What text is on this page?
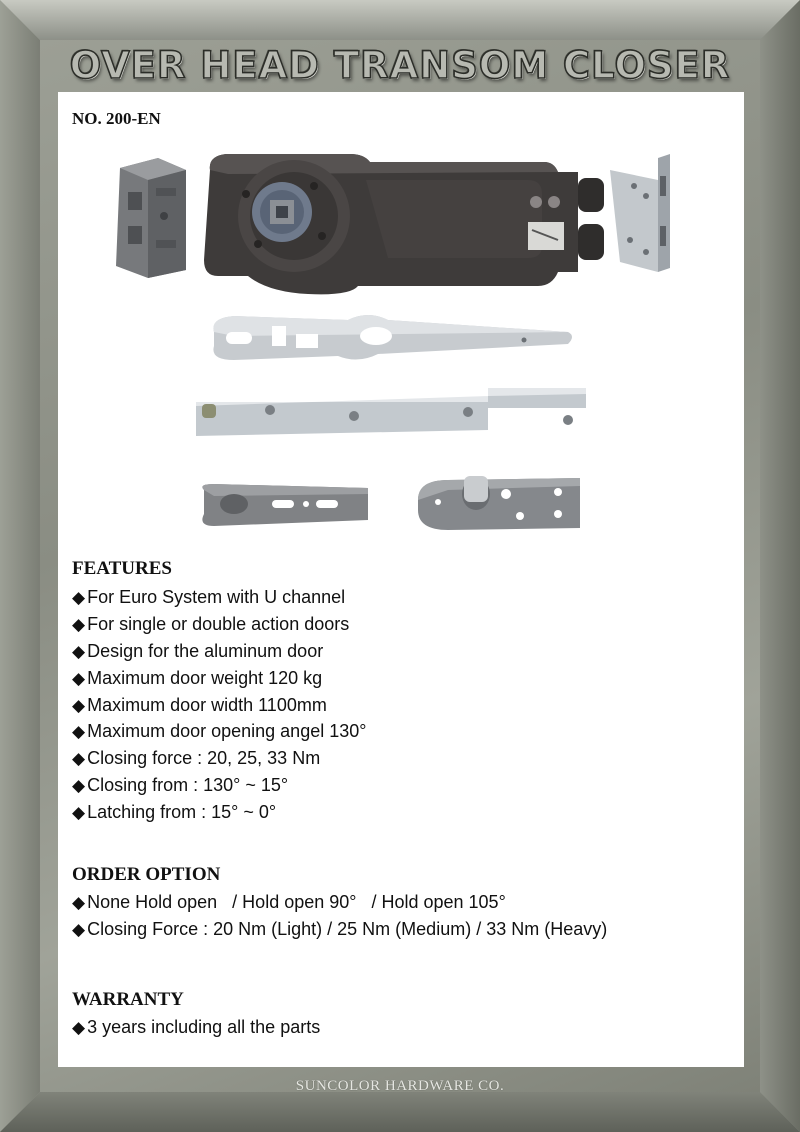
OVER HEAD TRANSOM CLOSER
NO. 200-EN
FEATURES
◆ For Euro System with U channel
◆ For single or double action doors
◆ Design for the aluminum door
◆ Maximum door weight 120 kg
◆ Maximum door width 1100mm
◆ Maximum door opening angel 130°
◆ Closing force : 20, 25, 33 Nm
◆ Closing from : 130° ~ 15°
◆ Latching from : 15° ~ 0°
ORDER OPTION
◆ None Hold open   / Hold open 90°   / Hold open 105°
◆ Closing Force : 20 Nm (Light) / 25 Nm (Medium) / 33 Nm (Heavy)
WARRANTY
◆ 3 years including all the parts
SUNCOLOR HARDWARE CO.
